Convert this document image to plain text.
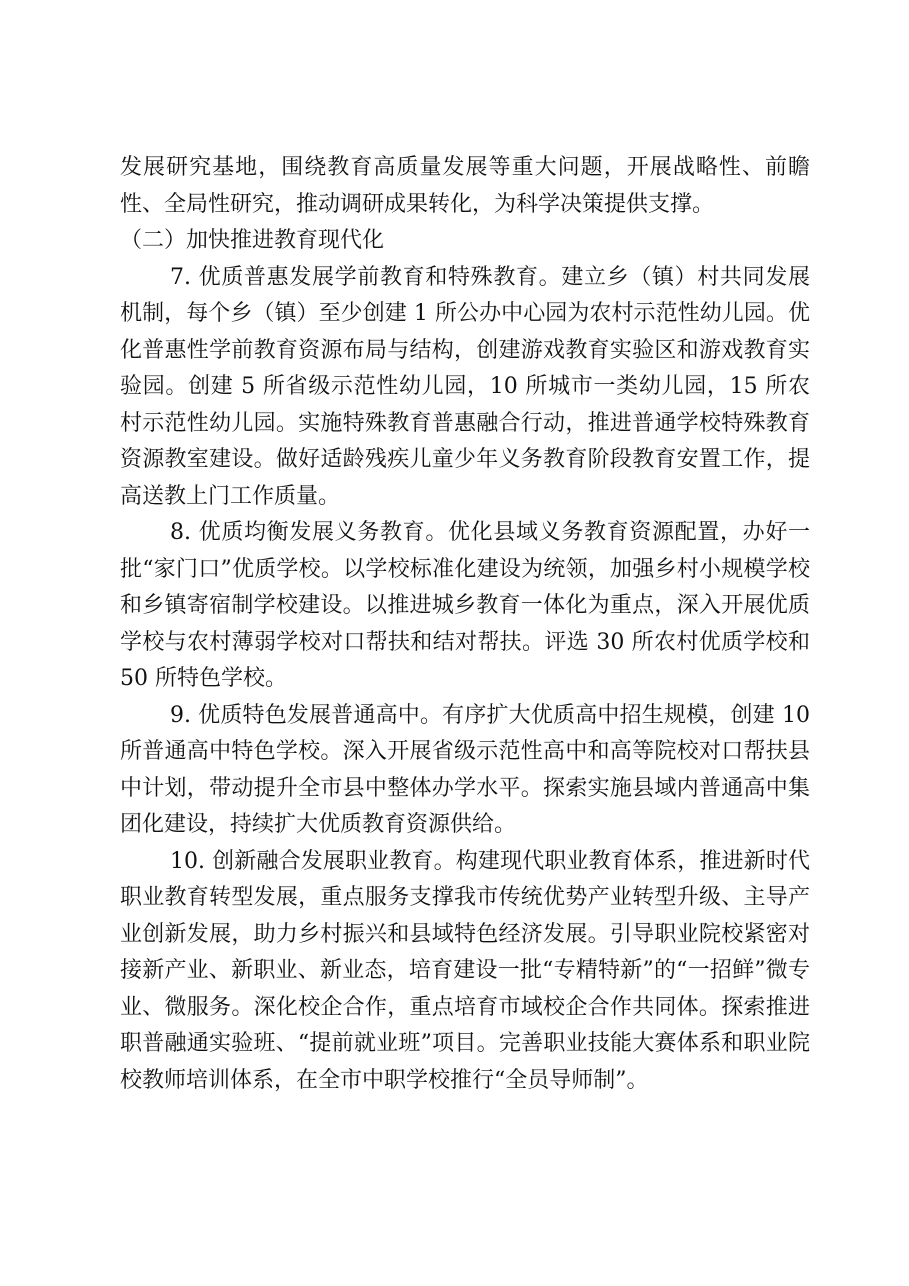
发展研究基地，围绕教育高质量发展等重大问题，开展战略性、前瞻性、全局性研究，推动调研成果转化，为科学决策提供支撑。

（二）加快推进教育现代化

7. 优质普惠发展学前教育和特殊教育。建立乡（镇）村共同发展机制，每个乡（镇）至少创建 1 所公办中心园为农村示范性幼儿园。优化普惠性学前教育资源布局与结构，创建游戏教育实验区和游戏教育实验园。创建 5 所省级示范性幼儿园，10 所城市一类幼儿园，15 所农村示范性幼儿园。实施特殊教育普惠融合行动，推进普通学校特殊教育资源教室建设。做好适龄残疾儿童少年义务教育阶段教育安置工作，提高送教上门工作质量。

8. 优质均衡发展义务教育。优化县域义务教育资源配置，办好一批“家门口”优质学校。以学校标准化建设为统领，加强乡村小规模学校和乡镇寄宿制学校建设。以推进城乡教育一体化为重点，深入开展优质学校与农村薄弱学校对口帮扶和结对帮扶。评选 30 所农村优质学校和 50 所特色学校。

9. 优质特色发展普通高中。有序扩大优质高中招生规模，创建 10 所普通高中特色学校。深入开展省级示范性高中和高等院校对口帮扶县中计划，带动提升全市县中整体办学水平。探索实施县域内普通高中集团化建设，持续扩大优质教育资源供给。

10. 创新融合发展职业教育。构建现代职业教育体系，推进新时代职业教育转型发展，重点服务支撑我市传统优势产业转型升级、主导产业创新发展，助力乡村振兴和县域特色经济发展。引导职业院校紧密对接新产业、新职业、新业态，培育建设一批“专精特新”的“一招鲜”微专业、微服务。深化校企合作，重点培育市域校企合作共同体。探索推进职普融通实验班、“提前就业班”项目。完善职业技能大赛体系和职业院校教师培训体系，在全市中职学校推行“全员导师制”。
